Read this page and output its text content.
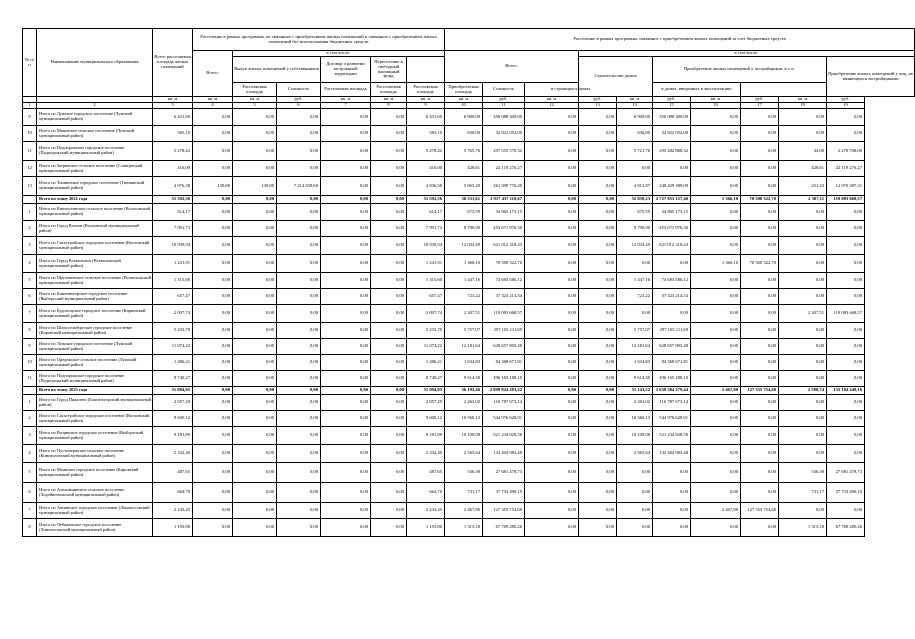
№ п/п	Наименование муниципального образования	Всего расселяемая площадь жилых помещений	Расселение в рамках программы, не связанное с приобретением жилых помещений и связанное с приобретением жилых помещений без использования бюджетных средств						Расселение в рамках программы, связанное с приобретением жилых помещений за счет бюджетных средств									
			Всего:	в том числе:					Всего:			в том числе:						
				Выкуп жилых помещений у собственников		Договор о развитии застроенной территории	Переселение в свободный жилищный фонд					Строительство домов		Приобретение жилых помещений у застройщиков, в т.ч.:				Приобретение жилых помещений у лиц, не являющихся застройщиками
				Расселяемая площадь	Стоимость	Расселяемая площадь	Расселяемая площадь	Расселяемая площадь	Приобретаемая площадь	Стоимость	в строящихся домах			в домах, введенных в эксплуатацию				
		кв. м	кв. м	кв. м	руб.	кв. м	кв. м	кв. м	кв. м	руб.	кв. м	руб.	кв. м	руб.	кв. м	руб.	кв. м	руб.
1	2	3	4	5	6	7	8	9	10	11	12	13	14	15	16	17	18	19
9	Итого по Лужское городское поселение (Лужский муниципальный район)	6 431,60	0,00	0,00	0,00	0,00	0,00	6 431,60	6 900,00	356 088 300,00	0,00	0,00	6 900,00	356 088 300,00	0,00	0,00	0,00	0,00
10	Итого по Мшинское сельское поселение (Лужский муниципальный район)	565,10	0,00	0,00	0,00	0,00	0,00	565,10	636,00	32 822 052,00	0,00	0,00	636,00	32 822 052,00	0,00	0,00	0,00	0,00
11	Итого по Подпорожское городское поселение (Подпорожский муниципальный район)	5 278,42	0,00	0,00	0,00	0,00	0,00	5 278,42	5 765,76	297 555 570,32	0,00	0,00	5 721,76	295 282 868,32	0,00	0,00	44,00	2 270 708,00
12	Итого по Загривское сельское поселение (Сланцевский муниципальный район)	416,00	0,00	0,00	0,00	0,00	0,00	416,00	428,61	22 119 276,27	0,00	0,00	0,00	0,00	0,00	0,00	428,61	22 119 276,27
13	Итого по Тихвинское городское поселение (Тихвинский муниципальный район)	4 976,38	139,80	139,80	7 214 658,60	0,00	0,00	4 836,58	5 065,20	261 399 776,40	0,00	0,00	4 813,87	248 429 389,09	0,00	0,00	251,33	12 970 387,31
	Всего по этапу 2022 года	51 592,56	0,00	0,00	0,00	0,00	0,00	51 592,56	56 531,61	2 917 437 118,67	0,00	0,00	52 858,23	2 727 853 127,40	1 366,10	70 500 322,70	2 307,11	119 083 668,57
1	Итого по Кингисеппское сельское поселение (Волосовский муниципальный район)	614,17	0,00	0,00	0,00	0,00	0,00	614,17	675,59	34 865 173,15	0,00	0,00	675,59	34 865 173,15	0,00	0,00	0,00	0,00
2	Итого по Город Волхов (Волховский муниципальный район)	7 991,73	0,00	0,00	0,00	0,00	0,00	7 991,73	8 790,90	453 671 976,30	0,00	0,00	8 790,90	453 671 976,30	0,00	0,00	0,00	0,00
3	Итого по Сясьстройское городское поселение (Волховский муниципальный район)	10 939,54	0,00	0,00	0,00	0,00	0,00	10 939,54	12 033,49	621 012 318,43	0,00	0,00	12 033,49	621 012 318,43	0,00	0,00	0,00	0,00
4	Итого по Город Всеволожск (Всеволожский муниципальный район)	1 241,91	0,00	0,00	0,00	0,00	0,00	1 241,91	1 366,10	70 500 322,70	0,00	0,00	0,00	0,00	1 366,10	70 500 322,70	0,00	0,00
5	Итого по Щеглововское сельское поселение (Всеволожский муниципальный район)	1 315,60	0,00	0,00	0,00	0,00	0,00	1 315,60	1 447,16	74 683 586,12	0,00	0,00	1 447,16	74 683 586,12	0,00	0,00	0,00	0,00
6	Итого по Каменногорское городское поселение (Выборгский муниципальный район)	657,47	0,00	0,00	0,00	0,00	0,00	657,47	723,22	37 323 214,54	0,00	0,00	723,22	37 323 214,54	0,00	0,00	0,00	0,00
7	Итого по Будогощское городское поселение (Киришский муниципальный район)	2 097,74	0,00	0,00	0,00	0,00	0,00	2 097,74	2 307,51	119 083 668,57	0,00	0,00	0,00	0,00	0,00	0,00	2 307,51	119 083 668,57
8	Итого по Шлиссельбургское городское поселение (Кировский муниципальный район)	5 233,70	0,00	0,00	0,00	0,00	0,00	5 233,70	5 757,07	297 105 111,69	0,00	0,00	5 757,07	297 105 111,69	0,00	0,00	0,00	0,00
9	Итого по Лужское городское поселение (Лужский муниципальный район)	11 074,22	0,00	0,00	0,00	0,00	0,00	11 074,22	12 181,64	628 657 895,48	0,00	0,00	12 181,64	628 657 895,48	0,00	0,00	0,00	0,00
10	Итого по Оредежское сельское поселение (Лужский муниципальный район)	1 486,21	0,00	0,00	0,00	0,00	0,00	1 486,21	1 634,83	84 368 671,81	0,00	0,00	1 634,83	84 368 671,81	0,00	0,00	0,00	0,00
11	Итого по Подпорожское городское поселение (Подпорожский муниципальный район)	8 740,27	0,00	0,00	0,00	0,00	0,00	8 740,27	9 614,30	496 165 188,10	0,00	0,00	9 614,30	496 165 188,10	0,00	0,00	0,00	0,00
	Всего по этапу 2023 года	51 094,05	0,00	0,00	0,00	0,00	0,00	51 094,05	56 192,46	2 899 824 283,22	0,00	0,00	51 143,52	2 639 384 279,44	2 467,80	127 355 754,60	2 580,74	133 184 249,16
1	Итого по Город Пикалево (Бокситогорский муниципальный район)	2 057,29	0,00	0,00	0,00	0,00	0,00	2 057,29	2 263,02	116 787 673,14	0,00	0,00	2 263,02	116 787 673,14	0,00	0,00	0,00	0,00
2	Итого по Сясьстройское городское поселение (Волховский муниципальный район)	9 600,12	0,00	0,00	0,00	0,00	0,00	9 600,12	10 560,13	544 976 628,91	0,00	0,00	10 560,13	544 976 628,91	0,00	0,00	0,00	0,00
3	Итого по Рощинское городское поселение (Выборгский муниципальный район)	9 181,89	0,00	0,00	0,00	0,00	0,00	9 181,89	10 100,08	521 234 828,56	0,00	0,00	10 100,08	521 234 828,56	0,00	0,00	0,00	0,00
4	Итого по Пустомержское сельское поселение (Кингисеппский муниципальный район)	2 332,40	0,00	0,00	0,00	0,00	0,00	2 332,40	2 565,64	132 404 983,48	0,00	0,00	2 565,64	132 404 983,48	0,00	0,00	0,00	0,00
5	Итого по Мгинское городское поселение (Кировский муниципальный район)	487,65	0,00	0,00	0,00	0,00	0,00	487,65	536,39	27 681 478,73	0,00	0,00	0,00	0,00	0,00	0,00	536,39	27 681 478,73
6	Итого по Алеховщинское сельское поселение (Лодейнопольский муниципальный район)	664,70	0,00	0,00	0,00	0,00	0,00	664,70	731,17	37 733 490,19	0,00	0,00	0,00	0,00	0,00	0,00	731,17	37 733 490,19
7	Итого по Аннинское городское поселение (Ломоносовский муниципальный район)	2 243,45	0,00	0,00	0,00	0,00	0,00	2 243,45	2 467,80	127 355 754,60	0,00	0,00	0,00	0,00	2 467,80	127 355 754,60	0,00	0,00
8	Итого по Лебяженское городское поселение (Ломоносовский муниципальный район)	1 193,80	0,00	0,00	0,00	0,00	0,00	1 193,80	1 313,18	67 769 280,26	0,00	0,00	0,00	0,00	0,00	0,00	1 313,18	67 769 280,26
